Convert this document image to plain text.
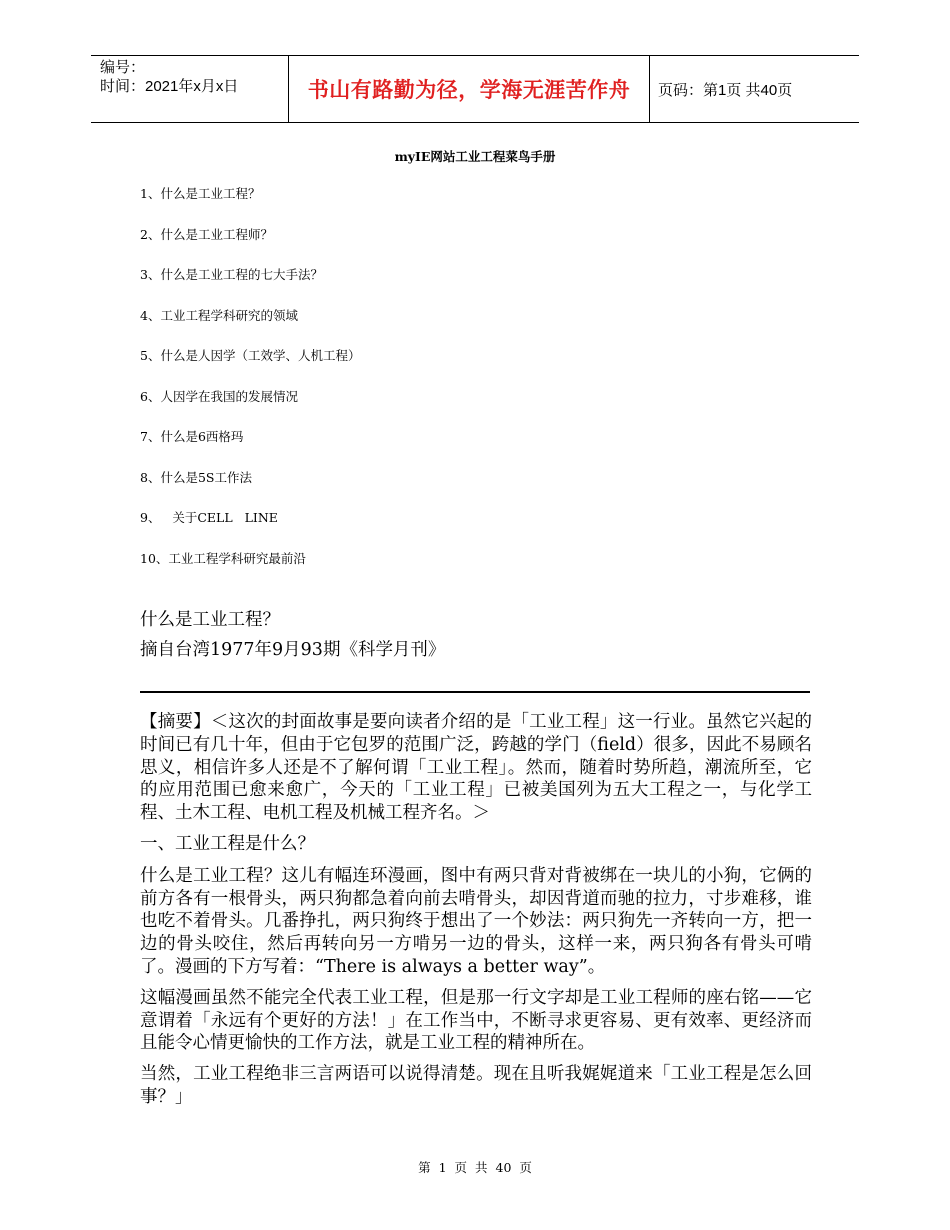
编号：
时间：2021年x月x日	书山有路勤为径，学海无涯苦作舟	页码：第1页 共40页
myIE网站工业工程菜鸟手册
1、什么是工业工程？
2、什么是工业工程师？
3、什么是工业工程的七大手法？
4、工业工程学科研究的领域
5、什么是人因学（工效学、人机工程）
6、人因学在我国的发展情况
7、什么是6西格玛
8、什么是5S工作法
9、   关于CELL   LINE
10、工业工程学科研究最前沿
什么是工业工程？
摘自台湾1977年9月93期《科学月刊》

【摘要】＜这次的封面故事是要向读者介绍的是「工业工程」这一行业。虽然它兴起的时间已有几十年，但由于它包罗的范围广泛，跨越的学门（field）很多，因此不易顾名思义，相信许多人还是不了解何谓「工业工程」。然而，随着时势所趋，潮流所至，它的应用范围已愈来愈广，今天的「工业工程」已被美国列为五大工程之一，与化学工程、土木工程、电机工程及机械工程齐名。＞

一、工业工程是什么？

什么是工业工程？这儿有幅连环漫画，图中有两只背对背被绑在一块儿的小狗，它俩的前方各有一根骨头，两只狗都急着向前去啃骨头，却因背道而驰的拉力，寸步难移，谁也吃不着骨头。几番挣扎，两只狗终于想出了一个妙法：两只狗先一齐转向一方，把一边的骨头咬住，然后再转向另一方啃另一边的骨头，这样一来，两只狗各有骨头可啃了。漫画的下方写着：“There is always a better way”。

这幅漫画虽然不能完全代表工业工程，但是那一行文字却是工业工程师的座右铭——它意谓着「永远有个更好的方法！」在工作当中，不断寻求更容易、更有效率、更经济而且能令心情更愉快的工作方法，就是工业工程的精神所在。

当然，工业工程绝非三言两语可以说得清楚。现在且听我娓娓道来「工业工程是怎么回事？」

第 1 页 共 40 页
